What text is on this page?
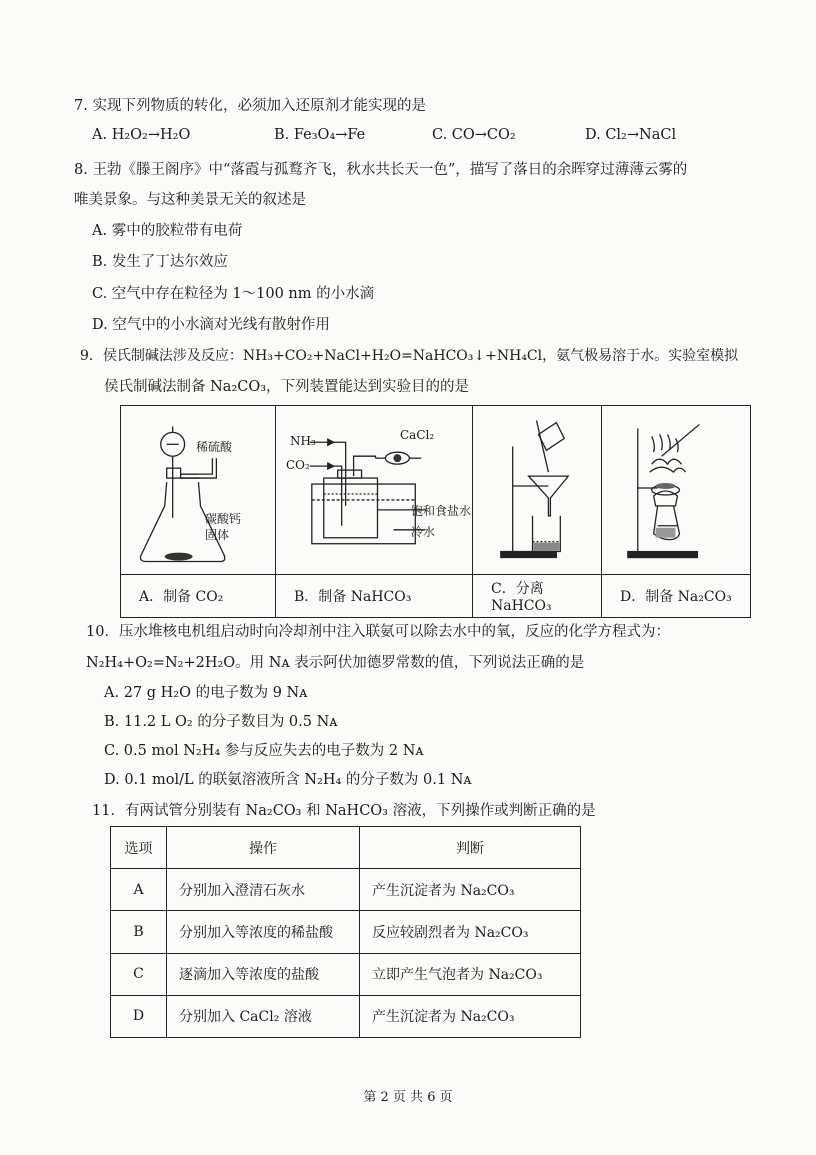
7. 实现下列物质的转化，必须加入还原剂才能实现的是
A. H₂O₂→H₂O	B. Fe₃O₄→Fe	C. CO→CO₂	D. Cl₂→NaCl
8. 王勃《滕王阁序》中“落霞与孤鹜齐飞，秋水共长天一色”，描写了落日的余晖穿过薄薄云雾的
唯美景象。与这种美景无关的叙述是
A. 雾中的胶粒带有电荷
B. 发生了丁达尔效应
C. 空气中存在粒径为 1～100 nm 的小水滴
D. 空气中的小水滴对光线有散射作用
9．侯氏制碱法涉及反应：NH₃+CO₂+NaCl+H₂O=NaHCO₃↓+NH₄Cl，氨气极易溶于水。实验室模拟
侯氏制碱法制备 Na₂CO₃，下列装置能达到实验目的的是
稀硫酸
碳酸钙
固体	NH₃
CO₂
CaCl₂
饱和食盐水
冷水

A．制备 CO₂	B．制备 NaHCO₃	C．分离 NaHCO₃	D．制备 Na₂CO₃
10．压水堆核电机组启动时向冷却剂中注入联氨可以除去水中的氧，反应的化学方程式为：
N₂H₄+O₂=N₂+2H₂O。用 Nᴀ 表示阿伏加德罗常数的值，下列说法正确的是
A. 27 g H₂O 的电子数为 9 Nᴀ
B. 11.2 L O₂ 的分子数目为 0.5 Nᴀ
C. 0.5 mol N₂H₄ 参与反应失去的电子数为 2 Nᴀ
D. 0.1 mol/L 的联氨溶液所含 N₂H₄ 的分子数为 0.1 Nᴀ
11．有两试管分别装有 Na₂CO₃ 和 NaHCO₃ 溶液，下列操作或判断正确的是
选项	操作	判断
A	分别加入澄清石灰水	产生沉淀者为 Na₂CO₃
B	分别加入等浓度的稀盐酸	反应较剧烈者为 Na₂CO₃
C	逐滴加入等浓度的盐酸	立即产生气泡者为 Na₂CO₃
D	分别加入 CaCl₂ 溶液	产生沉淀者为 Na₂CO₃
第 2 页 共 6 页
